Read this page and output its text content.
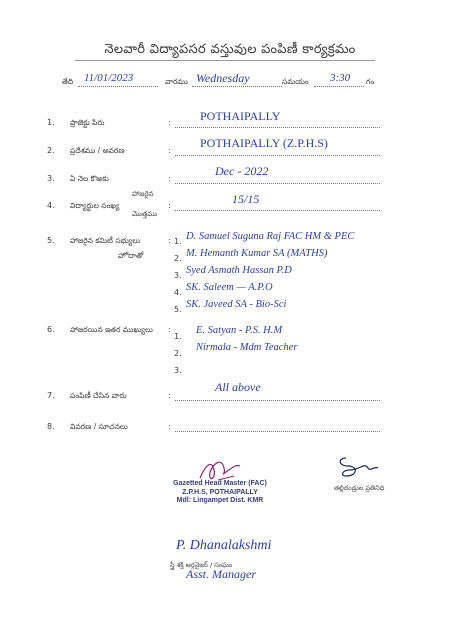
నెలవారీ విద్యాపసర వస్తువుల పంపిణీ కార్యక్రమం
తేది 11/01/2023	వారము Wednesday	సమయం 3:30 గం
1. ప్రాజెక్టు పేరు	: POTHAIPALLY
2. ప్రదేశము / అవరణ	:
POTHAIPALLY (Z.P.H.S)
3. ఏ నెల కొఱకు	:
Dec - 2022
4. విద్యార్థుల సంఖ్య
హాజరైన
మొత్తము
:	15/15
5. హాజరైన కమిటీ సభ్యులు
హోదాతో
: 1. D. Samuel Suguna Raj FAC HM & PEC
2. M. Hemanth Kumar SA (MATHS)
3. Syed Asmath Hassan P.D
4. SK. Saleem — A.P.O
5. SK. Javeed SA - Bio-Sci
6. హాజరయిన ఇతర ముఖ్యులు :
1.
E. Satyan - P.S. H.M
2.
Nirmala - Mdm Teacher
3.
7. పంపిణీ చేసిన వారు	:
All above
8. వివరణ / సూచనలు	:
Gazetted Head Master (FAC)
Z.P.H.S, POTHAIPALLY
Mdl: Lingampet Dist. KMR
తల్లిదండ్రుల ప్రతినిధి
P. Dhanalakshmi
స్త్రీ శక్తి ఆర్గనైజర్ / సంఘం
Asst. Manager
